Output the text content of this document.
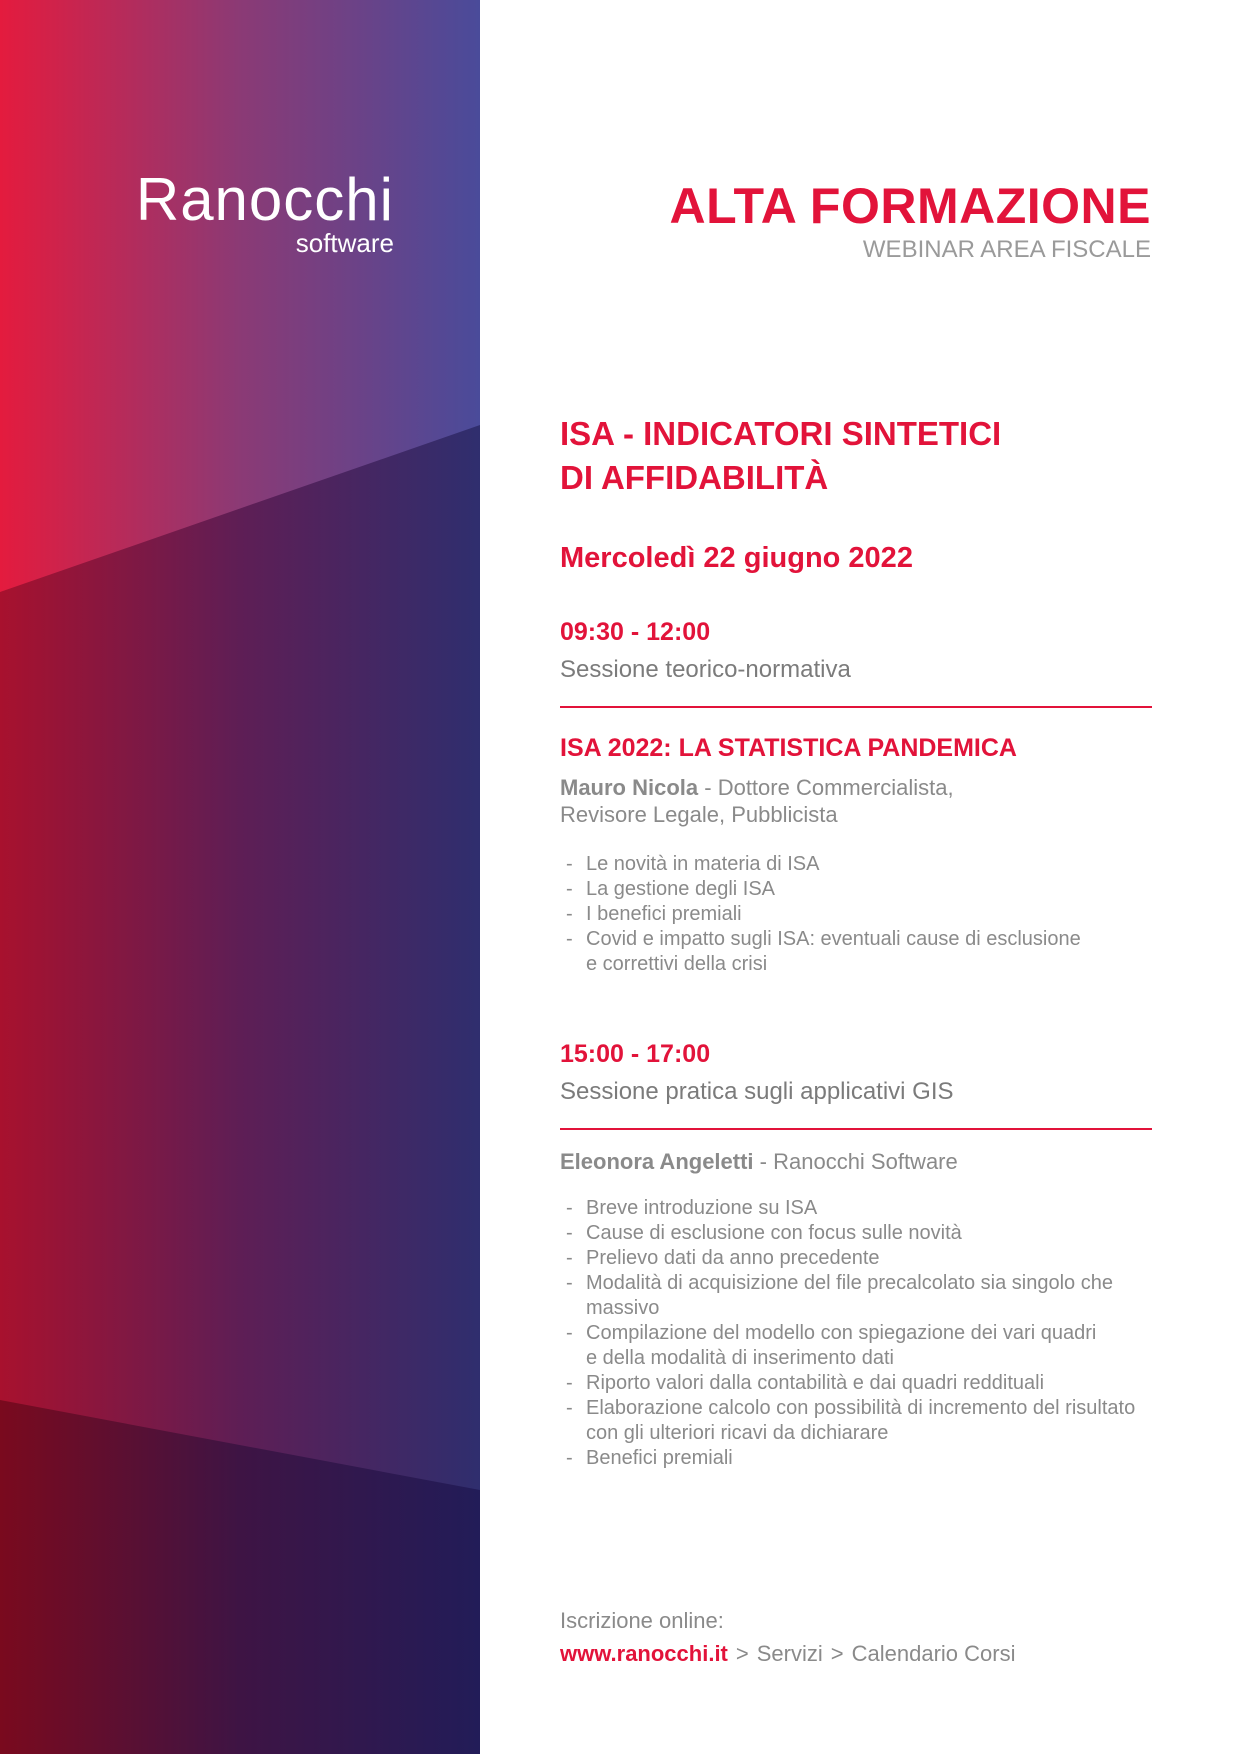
Ranocchi
software
ALTA FORMAZIONE
WEBINAR AREA FISCALE
ISA - INDICATORI SINTETICI
DI AFFIDABILITÀ
Mercoledì 22 giugno 2022
09:30 - 12:00
Sessione teorico-normativa
ISA 2022: LA STATISTICA PANDEMICA
Mauro Nicola - Dottore Commercialista,
Revisore Legale, Pubblicista
- Le novità in materia di ISA
- La gestione degli ISA
- I benefici premiali
- Covid e impatto sugli ISA: eventuali cause di esclusione
e correttivi della crisi
15:00 - 17:00
Sessione pratica sugli applicativi GIS
Eleonora Angeletti - Ranocchi Software
- Breve introduzione su ISA
- Cause di esclusione con focus sulle novità
- Prelievo dati da anno precedente
- Modalità di acquisizione del file precalcolato sia singolo che massivo
- Compilazione del modello con spiegazione dei vari quadri
e della modalità di inserimento dati
- Riporto valori dalla contabilità e dai quadri reddituali
- Elaborazione calcolo con possibilità di incremento del risultato
con gli ulteriori ricavi da dichiarare
- Benefici premiali
Iscrizione online:
www.ranocchi.it > Servizi > Calendario Corsi
